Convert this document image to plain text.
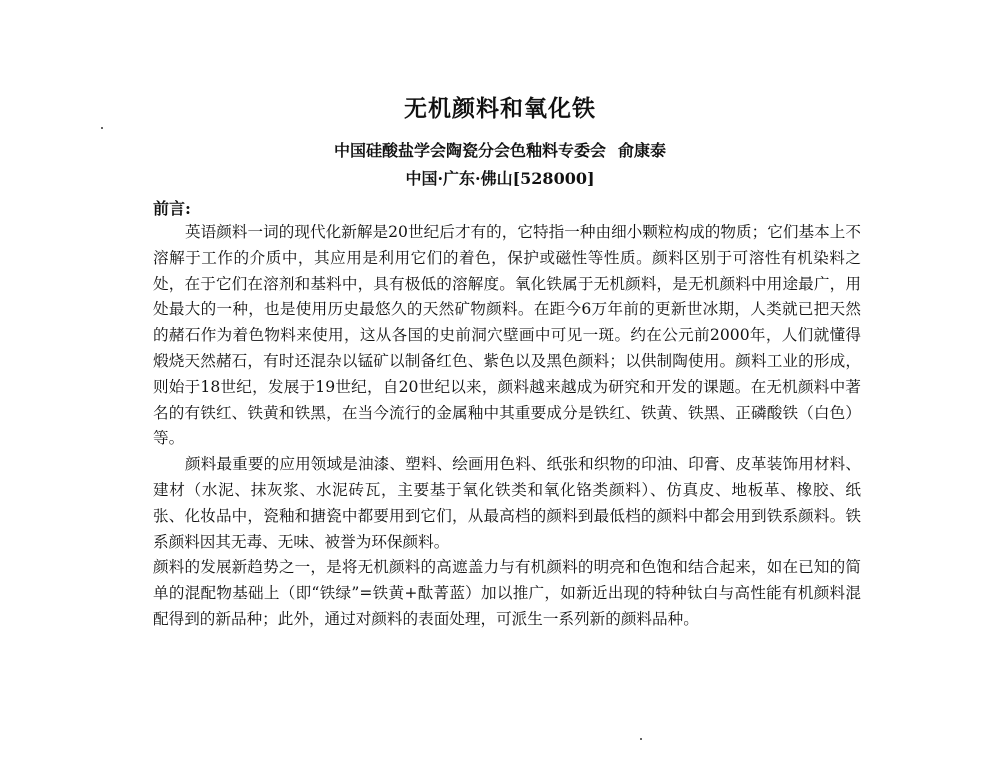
无机颜料和氧化铁
中国硅酸盐学会陶瓷分会色釉料专委会 俞康泰
中国·广东·佛山[528000]
前言:

英语颜料一词的现代化新解是20世纪后才有的，它特指一种由细小颗粒构成的物质；它们基本上不溶解于工作的介质中，其应用是利用它们的着色，保护或磁性等性质。颜料区别于可溶性有机染料之处，在于它们在溶剂和基料中，具有极低的溶解度。氧化铁属于无机颜料，是无机颜料中用途最广，用处最大的一种，也是使用历史最悠久的天然矿物颜料。在距今6万年前的更新世冰期，人类就已把天然的赭石作为着色物料来使用，这从各国的史前洞穴壁画中可见一斑。约在公元前2000年，人们就懂得煅烧天然赭石，有时还混杂以锰矿以制备红色、紫色以及黑色颜料；以供制陶使用。颜料工业的形成，则始于18世纪，发展于19世纪，自20世纪以来，颜料越来越成为研究和开发的课题。在无机颜料中著名的有铁红、铁黄和铁黑，在当今流行的金属釉中其重要成分是铁红、铁黄、铁黑、正磷酸铁（白色）等。

颜料最重要的应用领域是油漆、塑料、绘画用色料、纸张和织物的印油、印膏、皮革装饰用材料、建材（水泥、抹灰浆、水泥砖瓦，主要基于氧化铁类和氧化铬类颜料）、仿真皮、地板革、橡胶、纸张、化妆品中，瓷釉和搪瓷中都要用到它们，从最高档的颜料到最低档的颜料中都会用到铁系颜料。铁系颜料因其无毒、无味、被誉为环保颜料。

颜料的发展新趋势之一，是将无机颜料的高遮盖力与有机颜料的明亮和色饱和结合起来，如在已知的简单的混配物基础上（即“铁绿”=铁黄+酞菁蓝）加以推广，如新近出现的特种钛白与高性能有机颜料混配得到的新品种；此外，通过对颜料的表面处理，可派生一系列新的颜料品种。
